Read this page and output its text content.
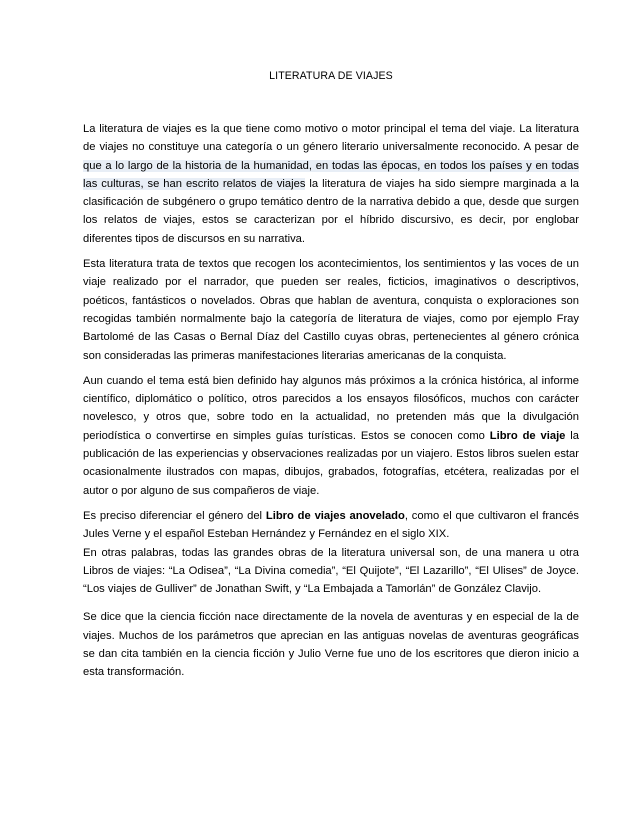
LITERATURA DE VIAJES

La literatura de viajes es la que tiene como motivo o motor principal el tema del viaje. La literatura de viajes no constituye una categoría o un género literario universalmente reconocido. A pesar de que a lo largo de la historia de la humanidad, en todas las épocas, en todos los países y en todas las culturas, se han escrito relatos de viajes la literatura de viajes ha sido siempre marginada a la clasificación de subgénero o grupo temático dentro de la narrativa debido a que, desde que surgen los relatos de viajes, estos se caracterizan por el híbrido discursivo, es decir, por englobar diferentes tipos de discursos en su narrativa.

Esta literatura trata de textos que recogen los acontecimientos, los sentimientos y las voces de un viaje realizado por el narrador, que pueden ser reales, ficticios, imaginativos o descriptivos, poéticos, fantásticos o novelados. Obras que hablan de aventura, conquista o exploraciones son recogidas también normalmente bajo la categoría de literatura de viajes, como por ejemplo Fray Bartolomé de las Casas o Bernal Díaz del Castillo cuyas obras, pertenecientes al género crónica son consideradas las primeras manifestaciones literarias americanas de la conquista.

Aun cuando el tema está bien definido hay algunos más próximos a la crónica histórica, al informe científico, diplomático o político, otros parecidos a los ensayos filosóficos, muchos con carácter novelesco, y otros que, sobre todo en la actualidad, no pretenden más que la divulgación periodística o convertirse en simples guías turísticas. Estos se conocen como Libro de viaje la publicación de las experiencias y observaciones realizadas por un viajero. Estos libros suelen estar ocasionalmente ilustrados con mapas, dibujos, grabados, fotografías, etcétera, realizadas por el autor o por alguno de sus compañeros de viaje.

Es preciso diferenciar el género del Libro de viajes anovelado, como el que cultivaron el francés Jules Verne y el español Esteban Hernández y Fernández en el siglo XIX.

En otras palabras, todas las grandes obras de la literatura universal son, de una manera u otra Libros de viajes: “La Odisea”, “La Divina comedia”, “El Quijote”, “El Lazarillo”, “El Ulises” de Joyce. “Los viajes de Gulliver” de Jonathan Swift, y “La Embajada a Tamorlán” de González Clavijo.

Se dice que la ciencia ficción nace directamente de la novela de aventuras y en especial de la de viajes. Muchos de los parámetros que aprecian en las antiguas novelas de aventuras geográficas se dan cita también en la ciencia ficción y Julio Verne fue uno de los escritores que dieron inicio a esta transformación.
